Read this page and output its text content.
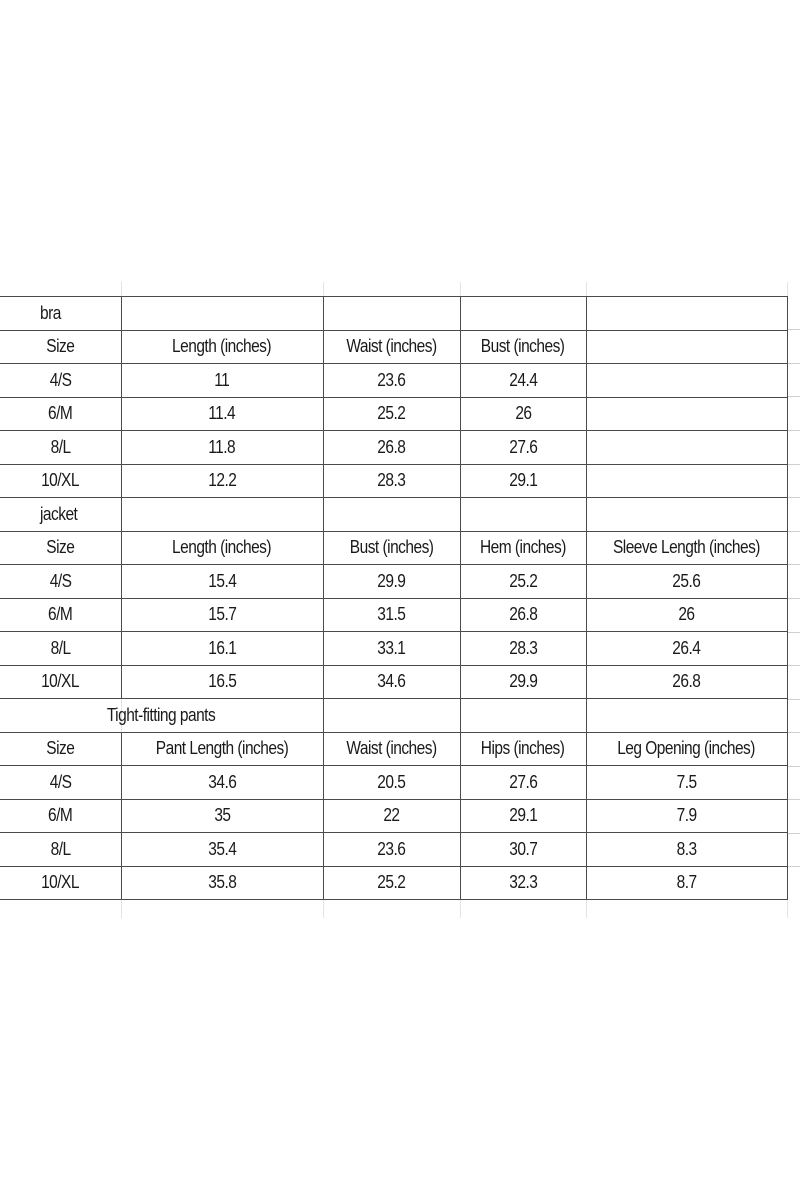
bra				
Size	Length (inches)	Waist (inches)	Bust (inches)	
4/S	11	23.6	24.4	
6/M	11.4	25.2	26	
8/L	11.8	26.8	27.6	
10/XL	12.2	28.3	29.1	
jacket				
Size	Length (inches)	Bust (inches)	Hem (inches)	Sleeve Length (inches)
4/S	15.4	29.9	25.2	25.6
6/M	15.7	31.5	26.8	26
8/L	16.1	33.1	28.3	26.4
10/XL	16.5	34.6	29.9	26.8
Tight-fitting pants				
Size	Pant Length (inches)	Waist (inches)	Hips (inches)	Leg Opening (inches)
4/S	34.6	20.5	27.6	7.5
6/M	35	22	29.1	7.9
8/L	35.4	23.6	30.7	8.3
10/XL	35.8	25.2	32.3	8.7
